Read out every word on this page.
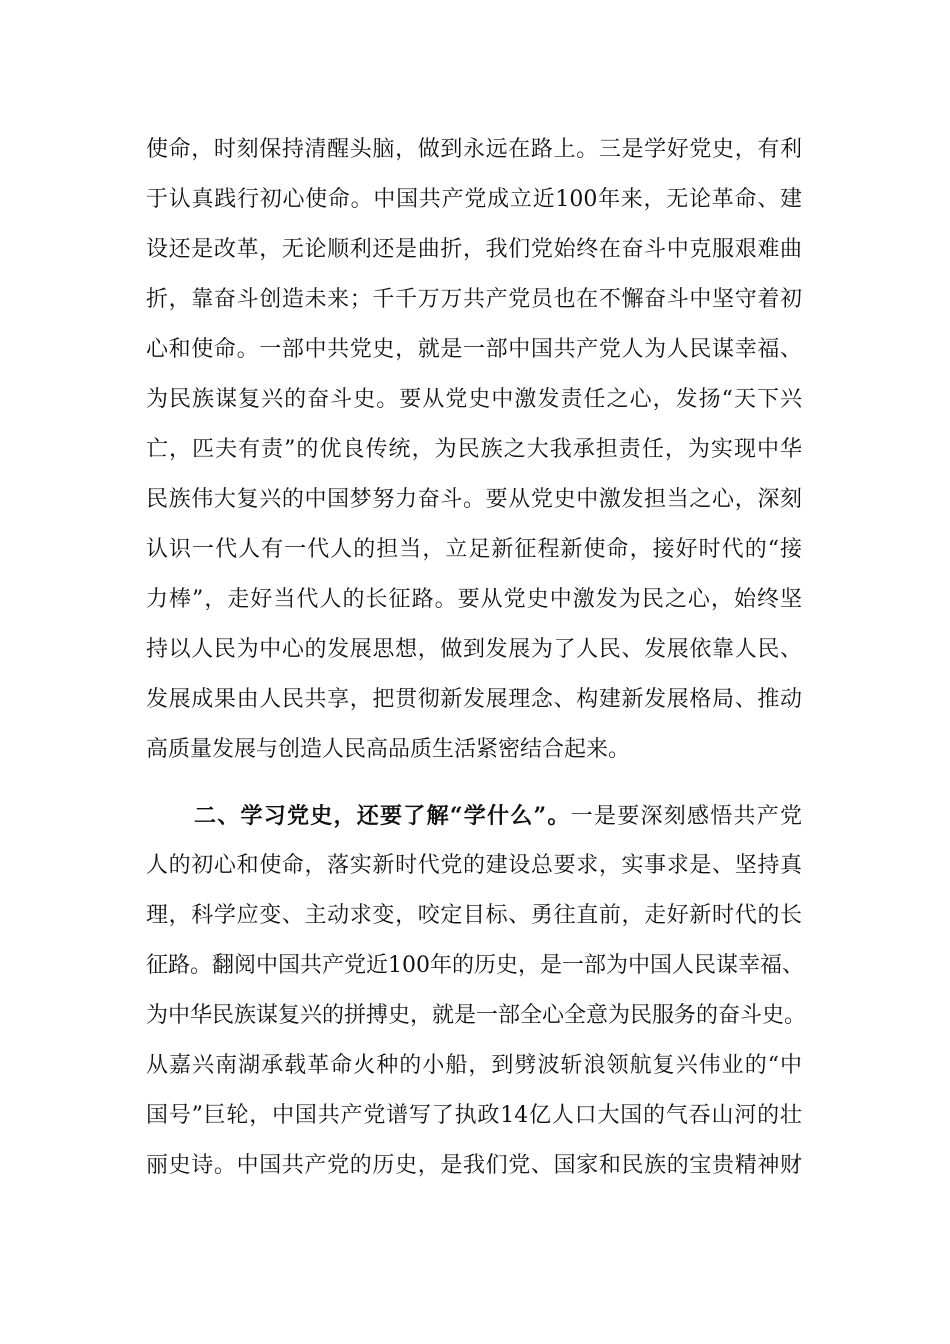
使命，时刻保持清醒头脑，做到永远在路上。三是学好党史，有利
于认真践行初心使命。中国共产党成立近100年来，无论革命、建
设还是改革，无论顺利还是曲折，我们党始终在奋斗中克服艰难曲
折，靠奋斗创造未来；千千万万共产党员也在不懈奋斗中坚守着初
心和使命。一部中共党史，就是一部中国共产党人为人民谋幸福、
为民族谋复兴的奋斗史。要从党史中激发责任之心，发扬“天下兴
亡，匹夫有责”的优良传统，为民族之大我承担责任，为实现中华
民族伟大复兴的中国梦努力奋斗。要从党史中激发担当之心，深刻
认识一代人有一代人的担当，立足新征程新使命，接好时代的“接
力棒”，走好当代人的长征路。要从党史中激发为民之心，始终坚
持以人民为中心的发展思想，做到发展为了人民、发展依靠人民、
发展成果由人民共享，把贯彻新发展理念、构建新发展格局、推动
高质量发展与创造人民高品质生活紧密结合起来。
二、学习党史，还要了解“学什么”。一是要深刻感悟共产党
人的初心和使命，落实新时代党的建设总要求，实事求是、坚持真
理，科学应变、主动求变，咬定目标、勇往直前，走好新时代的长
征路。翻阅中国共产党近100年的历史，是一部为中国人民谋幸福、
为中华民族谋复兴的拼搏史，就是一部全心全意为民服务的奋斗史。
从嘉兴南湖承载革命火种的小船，到劈波斩浪领航复兴伟业的“中
国号”巨轮，中国共产党谱写了执政14亿人口大国的气吞山河的壮
丽史诗。中国共产党的历史，是我们党、国家和民族的宝贵精神财
